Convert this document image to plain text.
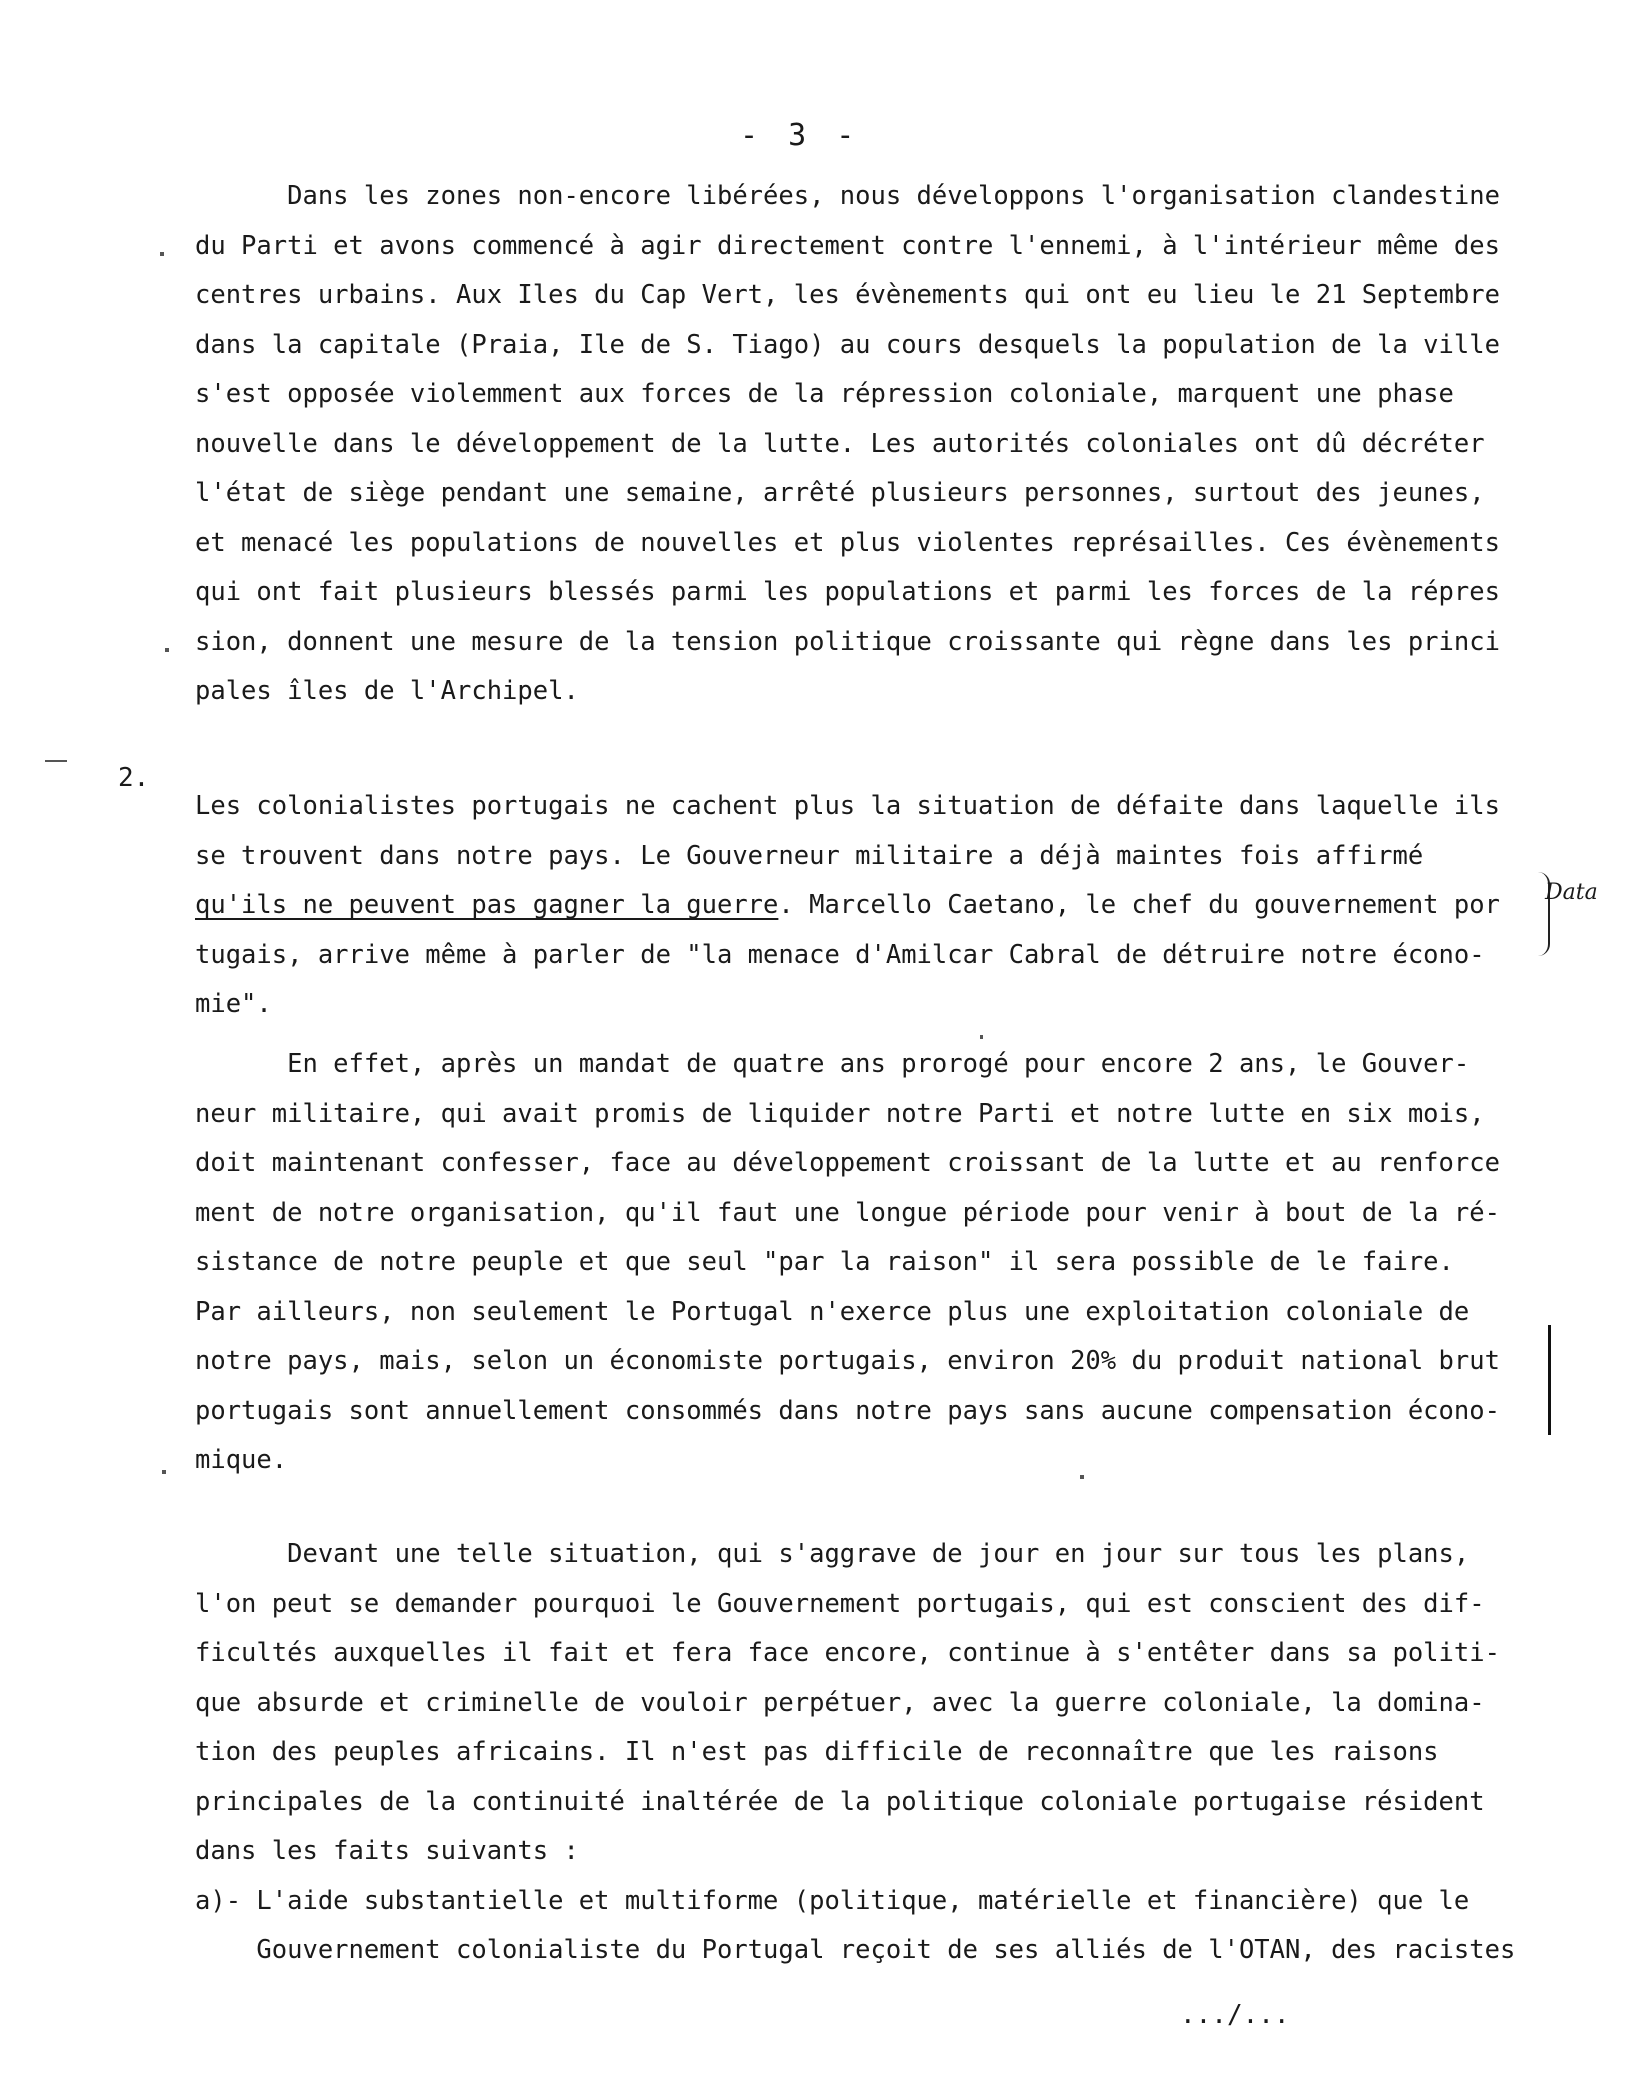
- 3 -
Dans les zones non-encore libérées, nous développons l'organisation clandestine
du Parti et avons commencé à agir directement contre l'ennemi, à l'intérieur même des
centres urbains. Aux Iles du Cap Vert, les évènements qui ont eu lieu le 21 Septembre
dans la capitale (Praia, Ile de S. Tiago) au cours desquels la population de la ville
s'est opposée violemment aux forces de la répression coloniale, marquent une phase
nouvelle dans le développement de la lutte. Les autorités coloniales ont dû décréter
l'état de siège pendant une semaine, arrêté plusieurs personnes, surtout des jeunes,
et menacé les populations de nouvelles et plus violentes représailles. Ces évènements
qui ont fait plusieurs blessés parmi les populations et parmi les forces de la répres
sion, donnent une mesure de la tension politique croissante qui règne dans les princi
pales îles de l'Archipel.
2.
Les colonialistes portugais ne cachent plus la situation de défaite dans laquelle ils
se trouvent dans notre pays. Le Gouverneur militaire a déjà maintes fois affirmé
qu'ils ne peuvent pas gagner la guerre. Marcello Caetano, le chef du gouvernement por
tugais, arrive même à parler de "la menace d'Amilcar Cabral de détruire notre écono-
mie".
Data
En effet, après un mandat de quatre ans prorogé pour encore 2 ans, le Gouver-
neur militaire, qui avait promis de liquider notre Parti et notre lutte en six mois,
doit maintenant confesser, face au développement croissant de la lutte et au renforce
ment de notre organisation, qu'il faut une longue période pour venir à bout de la ré-
sistance de notre peuple et que seul "par la raison" il sera possible de le faire.
Par ailleurs, non seulement le Portugal n'exerce plus une exploitation coloniale de
notre pays, mais, selon un économiste portugais, environ 20% du produit national brut
portugais sont annuellement consommés dans notre pays sans aucune compensation écono-
mique.
Devant une telle situation, qui s'aggrave de jour en jour sur tous les plans,
l'on peut se demander pourquoi le Gouvernement portugais, qui est conscient des dif-
ficultés auxquelles il fait et fera face encore, continue à s'entêter dans sa politi-
que absurde et criminelle de vouloir perpétuer, avec la guerre coloniale, la domina-
tion des peuples africains. Il n'est pas difficile de reconnaître que les raisons
principales de la continuité inaltérée de la politique coloniale portugaise résident
dans les faits suivants :
a)- L'aide substantielle et multiforme (politique, matérielle et financière) que le
Gouvernement colonialiste du Portugal reçoit de ses alliés de l'OTAN, des racistes
.../...
